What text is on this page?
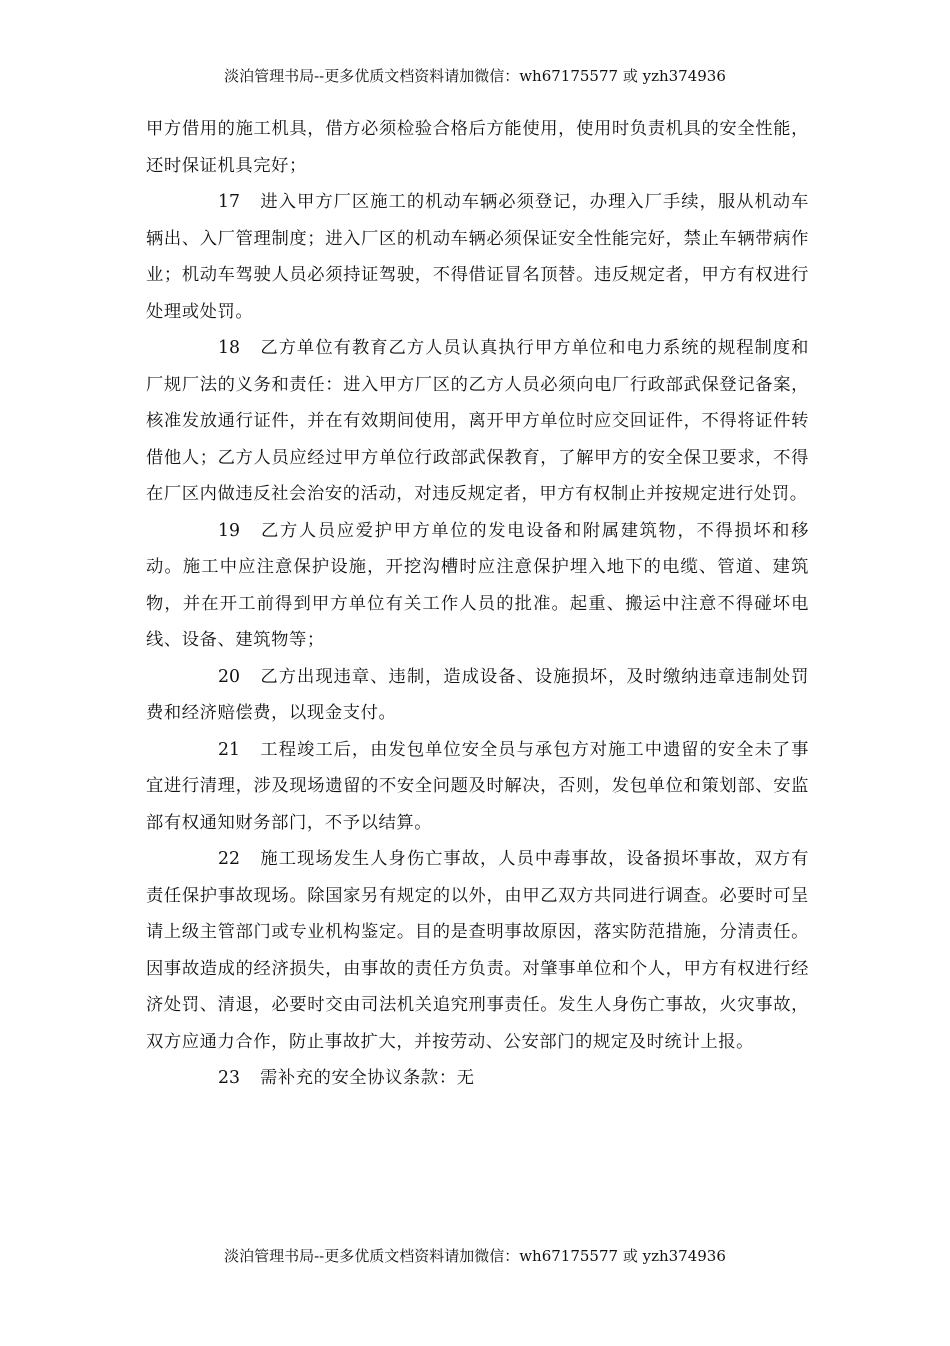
淡泊管理书局--更多优质文档资料请加微信：wh67175577 或 yzh374936

甲方借用的施工机具，借方必须检验合格后方能使用，使用时负责机具的安全性能，还时保证机具完好；

17 进入甲方厂区施工的机动车辆必须登记，办理入厂手续，服从机动车辆出、入厂管理制度；进入厂区的机动车辆必须保证安全性能完好，禁止车辆带病作业；机动车驾驶人员必须持证驾驶，不得借证冒名顶替。违反规定者，甲方有权进行处理或处罚。

18 乙方单位有教育乙方人员认真执行甲方单位和电力系统的规程制度和厂规厂法的义务和责任：进入甲方厂区的乙方人员必须向电厂行政部武保登记备案，核准发放通行证件，并在有效期间使用，离开甲方单位时应交回证件，不得将证件转借他人；乙方人员应经过甲方单位行政部武保教育，了解甲方的安全保卫要求，不得在厂区内做违反社会治安的活动，对违反规定者，甲方有权制止并按规定进行处罚。

19 乙方人员应爱护甲方单位的发电设备和附属建筑物，不得损坏和移动。施工中应注意保护设施，开挖沟槽时应注意保护埋入地下的电缆、管道、建筑物，并在开工前得到甲方单位有关工作人员的批准。起重、搬运中注意不得碰坏电线、设备、建筑物等；

20 乙方出现违章、违制，造成设备、设施损坏，及时缴纳违章违制处罚费和经济赔偿费，以现金支付。

21 工程竣工后，由发包单位安全员与承包方对施工中遗留的安全未了事宜进行清理，涉及现场遗留的不安全问题及时解决，否则，发包单位和策划部、安监部有权通知财务部门，不予以结算。

22 施工现场发生人身伤亡事故，人员中毒事故，设备损坏事故，双方有责任保护事故现场。除国家另有规定的以外，由甲乙双方共同进行调查。必要时可呈请上级主管部门或专业机构鉴定。目的是查明事故原因，落实防范措施，分清责任。因事故造成的经济损失，由事故的责任方负责。对肇事单位和个人，甲方有权进行经济处罚、清退，必要时交由司法机关追究刑事责任。发生人身伤亡事故，火灾事故，双方应通力合作，防止事故扩大，并按劳动、公安部门的规定及时统计上报。

23 需补充的安全协议条款：无

淡泊管理书局--更多优质文档资料请加微信：wh67175577 或 yzh374936
